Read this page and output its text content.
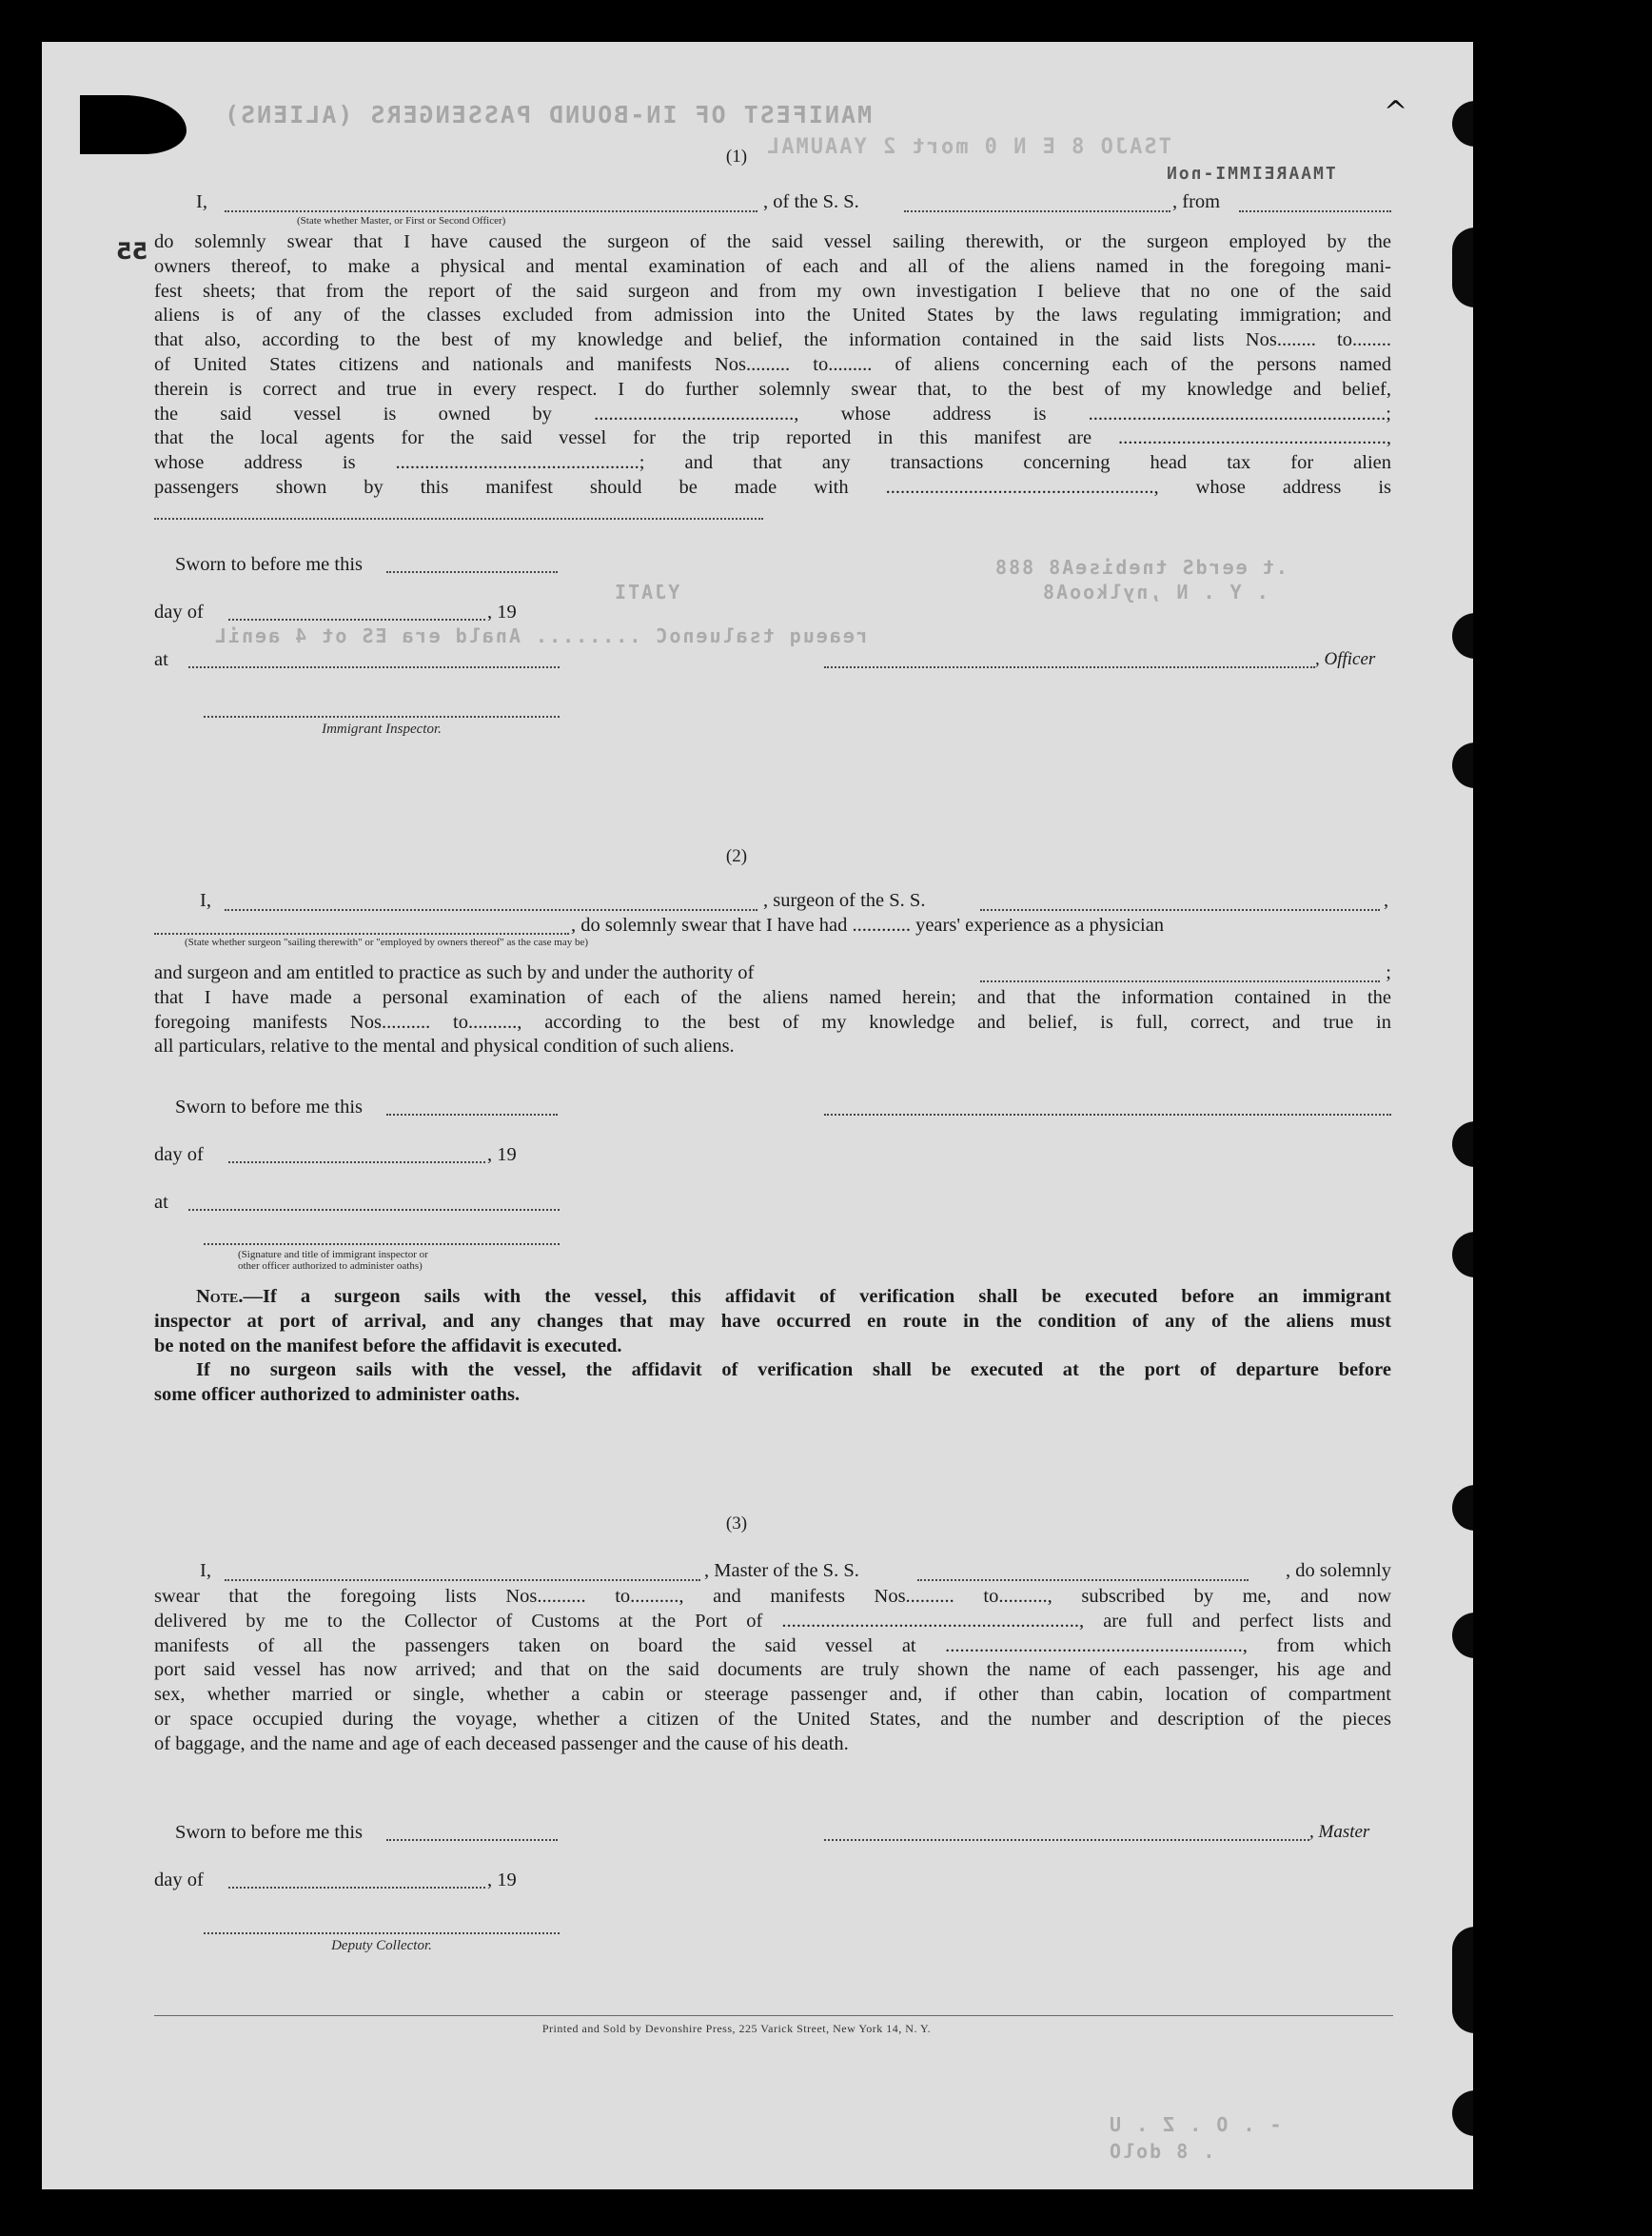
^
MANIFEST OF IN-BOUND PASSENGERS (ALIENS)
TSAJO 8 E N 0 mort 2 YAAUMAL
TMAAREIMMI-noN
.t eerdS tnebiseA8 888
. Y . N ,nylkooA8
YJATI
reaeuq tsaluenoC ........ Anald era ES ot 4 aeniL
- . O . Z . U
. 8 dolO
55
(1)
I,	, of the S. S.	, from
(State whether Master, or First or Second Officer)

do solemnly swear that I have caused the surgeon of the said vessel sailing therewith, or the surgeon employed by the

owners thereof, to make a physical and mental examination of each and all of the aliens named in the foregoing mani-

fest sheets; that from the report of the said surgeon and from my own investigation I believe that no one of the said

aliens is of any of the classes excluded from admission into the United States by the laws regulating immigration; and

that also, according to the best of my knowledge and belief, the information contained in the said lists Nos........ to........

of United States citizens and nationals and manifests Nos......... to......... of aliens concerning each of the persons named

therein is correct and true in every respect. I do further solemnly swear that, to the best of my knowledge and belief,

the said vessel is owned by ........................................., whose address is .............................................................;

that the local agents for the said vessel for the trip reported in this manifest are .......................................................,

whose address is ..................................................; and that any transactions concerning head tax for alien

passengers shown by this manifest should be made with ......................................................., whose address is

Sworn to before me this
day of	, 19
at	, Officer
Immigrant Inspector.
(2)
I,	, surgeon of the S. S.	,
, do solemnly swear that I have had ............ years' experience as a physician
(State whether surgeon "sailing therewith" or "employed by owners thereof" as the case may be)

and surgeon and am entitled to practice as such by and under the authority of	;

that I have made a personal examination of each of the aliens named herein; and that the information contained in the

foregoing manifests Nos.......... to.........., according to the best of my knowledge and belief, is full, correct, and true in

all particulars, relative to the mental and physical condition of such aliens.

Sworn to before me this
day of	, 19
at
(Signature and title of immigrant inspector or
other officer authorized to administer oaths)

Note.—If a surgeon sails with the vessel, this affidavit of verification shall be executed before an immigrant

inspector at port of arrival, and any changes that may have occurred en route in the condition of any of the aliens must

be noted on the manifest before the affidavit is executed.

If no surgeon sails with the vessel, the affidavit of verification shall be executed at the port of departure before

some officer authorized to administer oaths.

(3)
I,	, Master of the S. S.	, do solemnly

swear that the foregoing lists Nos.......... to.........., and manifests Nos.......... to.........., subscribed by me, and now

delivered by me to the Collector of Customs at the Port of ............................................................., are full and perfect lists and

manifests of all the passengers taken on board the said vessel at ............................................................., from which

port said vessel has now arrived; and that on the said documents are truly shown the name of each passenger, his age and

sex, whether married or single, whether a cabin or steerage passenger and, if other than cabin, location of compartment

or space occupied during the voyage, whether a citizen of the United States, and the number and description of the pieces

of baggage, and the name and age of each deceased passenger and the cause of his death.

Sworn to before me this	, Master
day of	, 19
Deputy Collector.
Printed and Sold by Devonshire Press, 225 Varick Street, New York 14, N. Y.
